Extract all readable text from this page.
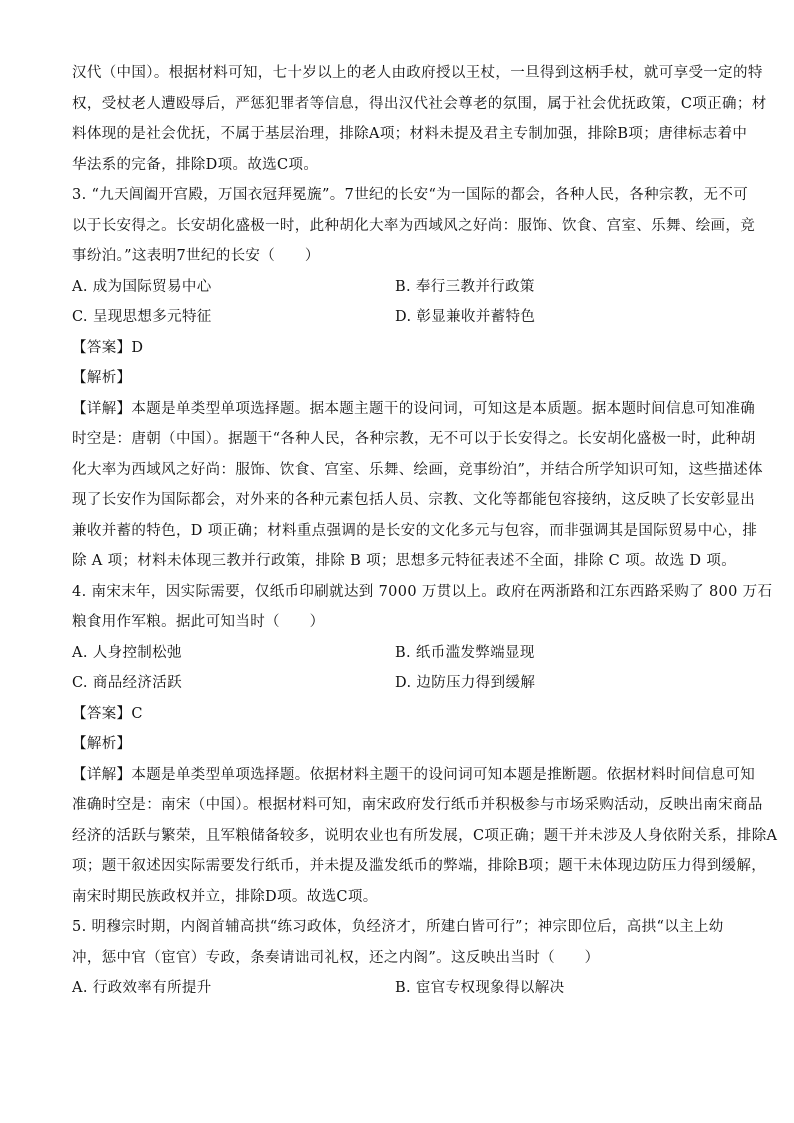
汉代（中国）。根据材料可知，七十岁以上的老人由政府授以王杖，一旦得到这柄手杖，就可享受一定的特
权，受杖老人遭殴辱后，严惩犯罪者等信息，得出汉代社会尊老的氛围，属于社会优抚政策，C项正确；材
料体现的是社会优抚，不属于基层治理，排除A项；材料未提及君主专制加强，排除B项；唐律标志着中
华法系的完备，排除D项。故选C项。
3. “九天阊阖开宫殿，万国衣冠拜冕旒”。7世纪的长安“为一国际的都会，各种人民，各种宗教，无不可
以于长安得之。长安胡化盛极一时，此种胡化大率为西域风之好尚：服饰、饮食、宫室、乐舞、绘画，竞
事纷泊。”这表明7世纪的长安（　　）
A. 成为国际贸易中心	B. 奉行三教并行政策
C. 呈现思想多元特征	D. 彰显兼收并蓄特色
【答案】D
【解析】
【详解】本题是单类型单项选择题。据本题主题干的设问词，可知这是本质题。据本题时间信息可知准确
时空是：唐朝（中国）。据题干“各种人民，各种宗教，无不可以于长安得之。长安胡化盛极一时，此种胡
化大率为西域风之好尚：服饰、饮食、宫室、乐舞、绘画，竞事纷泊”，并结合所学知识可知，这些描述体
现了长安作为国际都会，对外来的各种元素包括人员、宗教、文化等都能包容接纳，这反映了长安彰显出
兼收并蓄的特色，D 项正确；材料重点强调的是长安的文化多元与包容，而非强调其是国际贸易中心，排
除 A 项；材料未体现三教并行政策，排除 B 项；思想多元特征表述不全面，排除 C 项。故选 D 项。
4. 南宋末年，因实际需要，仅纸币印刷就达到 7000 万贯以上。政府在两浙路和江东西路采购了 800 万石
粮食用作军粮。据此可知当时（　　）
A. 人身控制松弛	B. 纸币滥发弊端显现
C. 商品经济活跃	D. 边防压力得到缓解
【答案】C
【解析】
【详解】本题是单类型单项选择题。依据材料主题干的设问词可知本题是推断题。依据材料时间信息可知
准确时空是：南宋（中国）。根据材料可知，南宋政府发行纸币并积极参与市场采购活动，反映出南宋商品
经济的活跃与繁荣，且军粮储备较多，说明农业也有所发展，C项正确；题干并未涉及人身依附关系，排除A
项；题干叙述因实际需要发行纸币，并未提及滥发纸币的弊端，排除B项；题干未体现边防压力得到缓解，
南宋时期民族政权并立，排除D项。故选C项。
5. 明穆宗时期，内阁首辅高拱“练习政体，负经济才，所建白皆可行”；神宗即位后，高拱“以主上幼
冲，惩中官（宦官）专政，条奏请诎司礼权，还之内阁”。这反映出当时（　　）
A. 行政效率有所提升	B. 宦官专权现象得以解决
